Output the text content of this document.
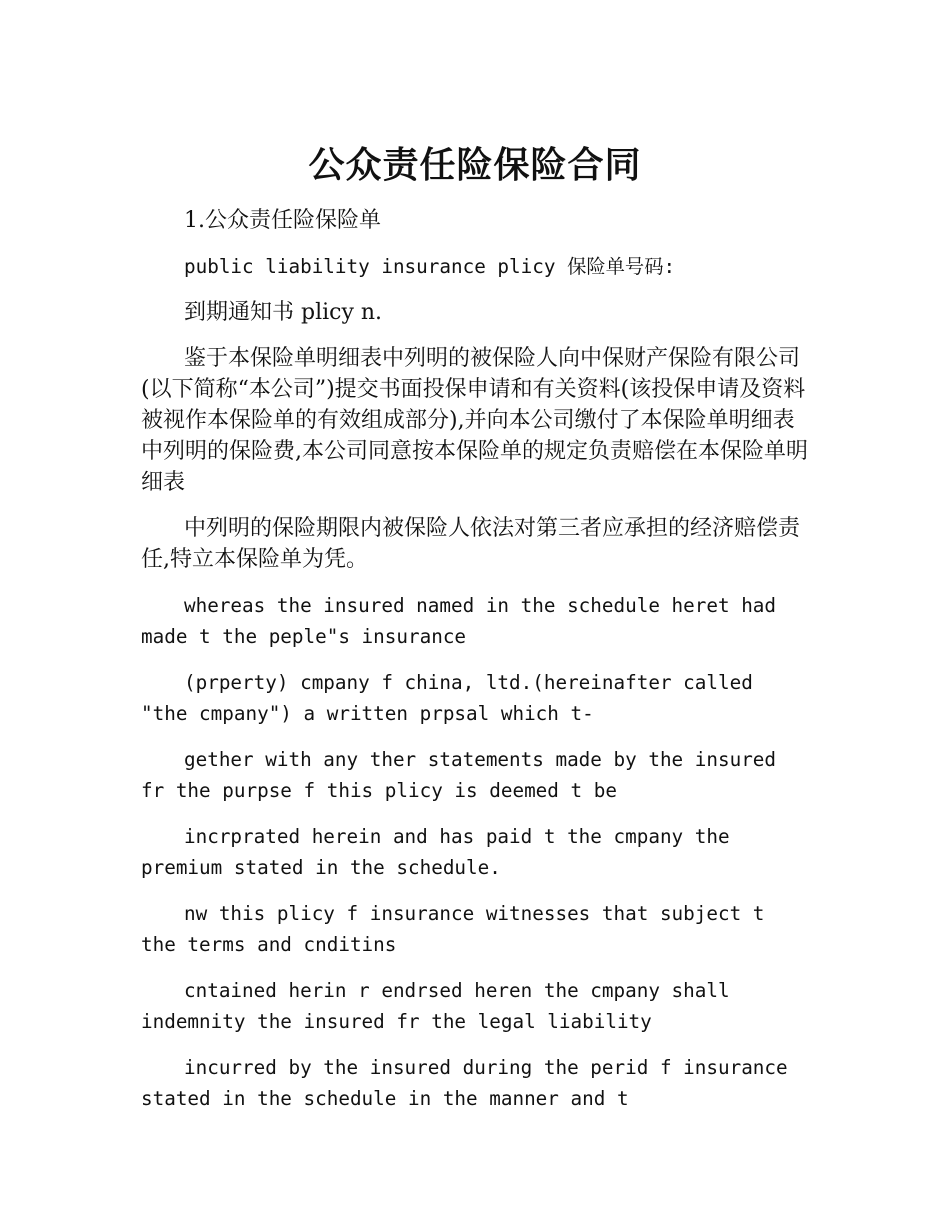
公众责任险保险合同

1.公众责任险保险单

public liability insurance plicy 保险单号码:

到期通知书 plicy n.

鉴于本保险单明细表中列明的被保险人向中保财产保险有限公司(以下简称“本公司”)提交书面投保申请和有关资料(该投保申请及资料被视作本保险单的有效组成部分),并向本公司缴付了本保险单明细表中列明的保险费,本公司同意按本保险单的规定负责赔偿在本保险单明细表

中列明的保险期限内被保险人依法对第三者应承担的经济赔偿责任,特立本保险单为凭。

whereas the insured named in the schedule heret had made t the peple"s insurance

(prperty) cmpany f china, ltd.(hereinafter called "the cmpany") a written prpsal which t-

gether with any ther statements made by the insured fr the purpse f this plicy is deemed t be

incrprated herein and has paid t the cmpany the premium stated in the schedule.

nw this plicy f insurance witnesses that subject t the terms and cnditins

cntained herin r endrsed heren the cmpany shall indemnity the insured fr the legal liability

incurred by the insured during the perid f insurance stated in the schedule in the manner and t
